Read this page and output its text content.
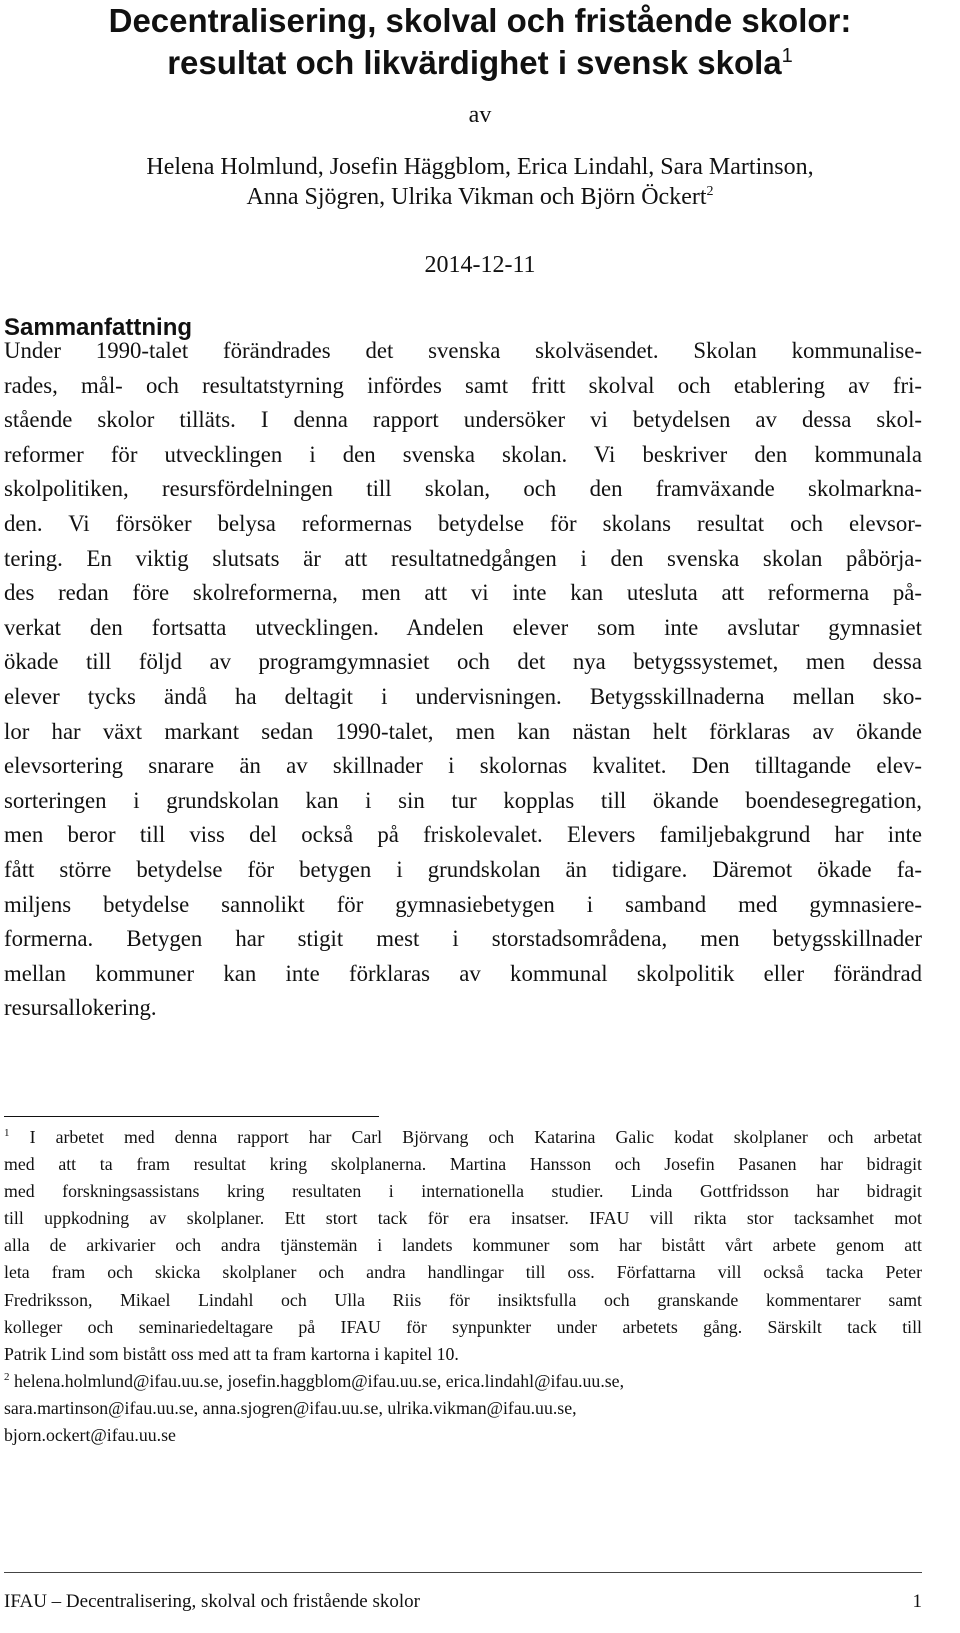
Decentralisering, skolval och fristående skolor:
resultat och likvärdighet i svensk skola$^1$
av
Helena Holmlund, Josefin Häggblom, Erica Lindahl, Sara Martinson,
Anna Sjögren, Ulrika Vikman och Björn Öckert$^2$
2014-12-11
Sammanfattning
Under 1990-talet förändrades det svenska skolväsendet. Skolan kommunalise-
rades, mål- och resultatstyrning infördes samt fritt skolval och etablering av fri-
stående skolor tilläts. I denna rapport undersöker vi betydelsen av dessa skol-
reformer för utvecklingen i den svenska skolan. Vi beskriver den kommunala
skolpolitiken, resursfördelningen till skolan, och den framväxande skolmarkna-
den. Vi försöker belysa reformernas betydelse för skolans resultat och elevsor-
tering. En viktig slutsats är att resultatnedgången i den svenska skolan påbörja-
des redan före skolreformerna, men att vi inte kan utesluta att reformerna på-
verkat den fortsatta utvecklingen. Andelen elever som inte avslutar gymnasiet
ökade till följd av programgymnasiet och det nya betygssystemet, men dessa
elever tycks ändå ha deltagit i undervisningen. Betygsskillnaderna mellan sko-
lor har växt markant sedan 1990-talet, men kan nästan helt förklaras av ökande
elevsortering snarare än av skillnader i skolornas kvalitet. Den tilltagande elev-
sorteringen i grundskolan kan i sin tur kopplas till ökande boendesegregation,
men beror till viss del också på friskolevalet. Elevers familjebakgrund har inte
fått större betydelse för betygen i grundskolan än tidigare. Däremot ökade fa-
miljens betydelse sannolikt för gymnasiebetygen i samband med gymnasiere-
formerna. Betygen har stigit mest i storstadsområdena, men betygsskillnader
mellan kommuner kan inte förklaras av kommunal skolpolitik eller förändrad
resursallokering.
$^1$ I arbetet med denna rapport har Carl Björvang och Katarina Galic kodat skolplaner och arbetat
med att ta fram resultat kring skolplanerna. Martina Hansson och Josefin Pasanen har bidragit
med forskningsassistans kring resultaten i internationella studier. Linda Gottfridsson har bidragit
till uppkodning av skolplaner. Ett stort tack för era insatser. IFAU vill rikta stor tacksamhet mot
alla de arkivarier och andra tjänstemän i landets kommuner som har bistått vårt arbete genom att
leta fram och skicka skolplaner och andra handlingar till oss. Författarna vill också tacka Peter
Fredriksson, Mikael Lindahl och Ulla Riis för insiktsfulla och granskande kommentarer samt
kolleger och seminariedeltagare på IFAU för synpunkter under arbetets gång. Särskilt tack till
Patrik Lind som bistått oss med att ta fram kartorna i kapitel 10.
$^2$ helena.holmlund@ifau.uu.se, josefin.haggblom@ifau.uu.se, erica.lindahl@ifau.uu.se,
sara.martinson@ifau.uu.se, anna.sjogren@ifau.uu.se, ulrika.vikman@ifau.uu.se,
bjorn.ockert@ifau.uu.se
IFAU – Decentralisering, skolval och fristående skolor	1
